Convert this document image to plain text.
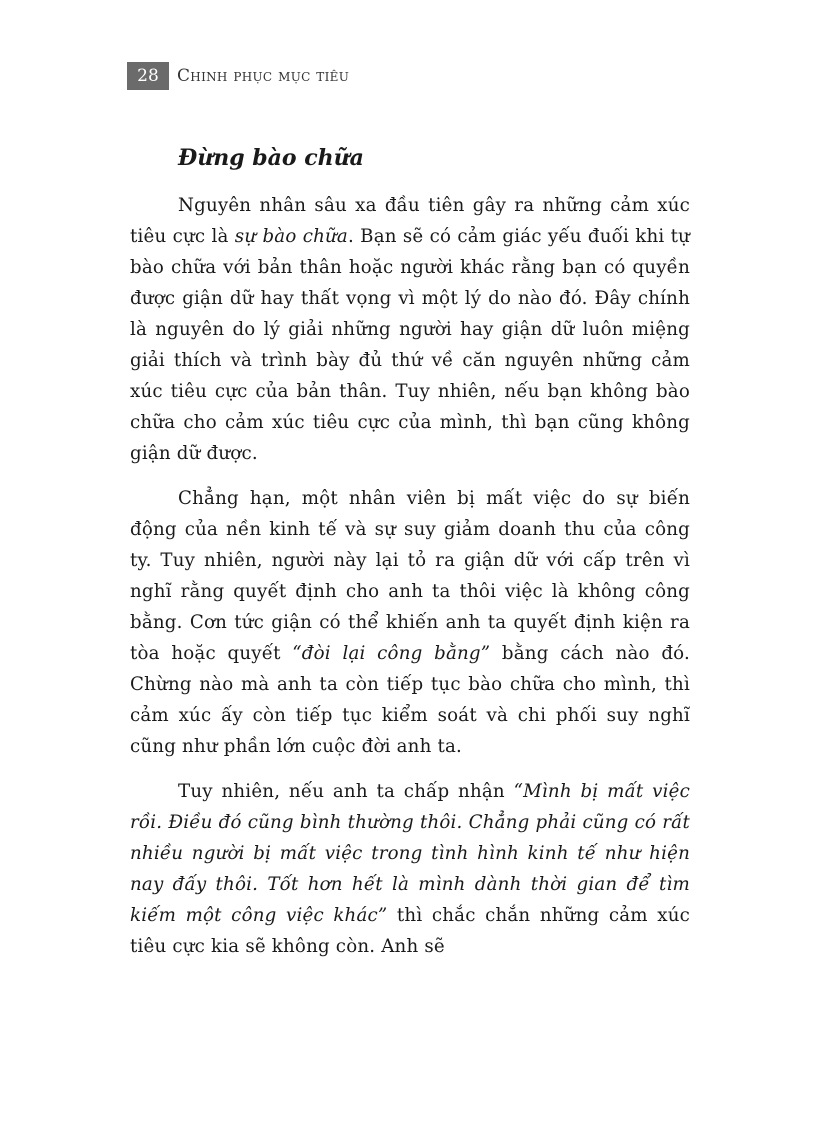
28	Chinh phục mục tiêu
Đừng bào chữa

Nguyên nhân sâu xa đầu tiên gây ra những cảm xúc tiêu cực là sự bào chữa. Bạn sẽ có cảm giác yếu đuối khi tự bào chữa với bản thân hoặc người khác rằng bạn có quyền được giận dữ hay thất vọng vì một lý do nào đó. Đây chính là nguyên do lý giải những người hay giận dữ luôn miệng giải thích và trình bày đủ thứ về căn nguyên những cảm xúc tiêu cực của bản thân. Tuy nhiên, nếu bạn không bào chữa cho cảm xúc tiêu cực của mình, thì bạn cũng không giận dữ được.

Chẳng hạn, một nhân viên bị mất việc do sự biến động của nền kinh tế và sự suy giảm doanh thu của công ty. Tuy nhiên, người này lại tỏ ra giận dữ với cấp trên vì nghĩ rằng quyết định cho anh ta thôi việc là không công bằng. Cơn tức giận có thể khiến anh ta quyết định kiện ra tòa hoặc quyết “đòi lại công bằng” bằng cách nào đó. Chừng nào mà anh ta còn tiếp tục bào chữa cho mình, thì cảm xúc ấy còn tiếp tục kiểm soát và chi phối suy nghĩ cũng như phần lớn cuộc đời anh ta.

Tuy nhiên, nếu anh ta chấp nhận “Mình bị mất việc rồi. Điều đó cũng bình thường thôi. Chẳng phải cũng có rất nhiều người bị mất việc trong tình hình kinh tế như hiện nay đấy thôi. Tốt hơn hết là mình dành thời gian để tìm kiếm một công việc khác” thì chắc chắn những cảm xúc tiêu cực kia sẽ không còn. Anh sẽ
